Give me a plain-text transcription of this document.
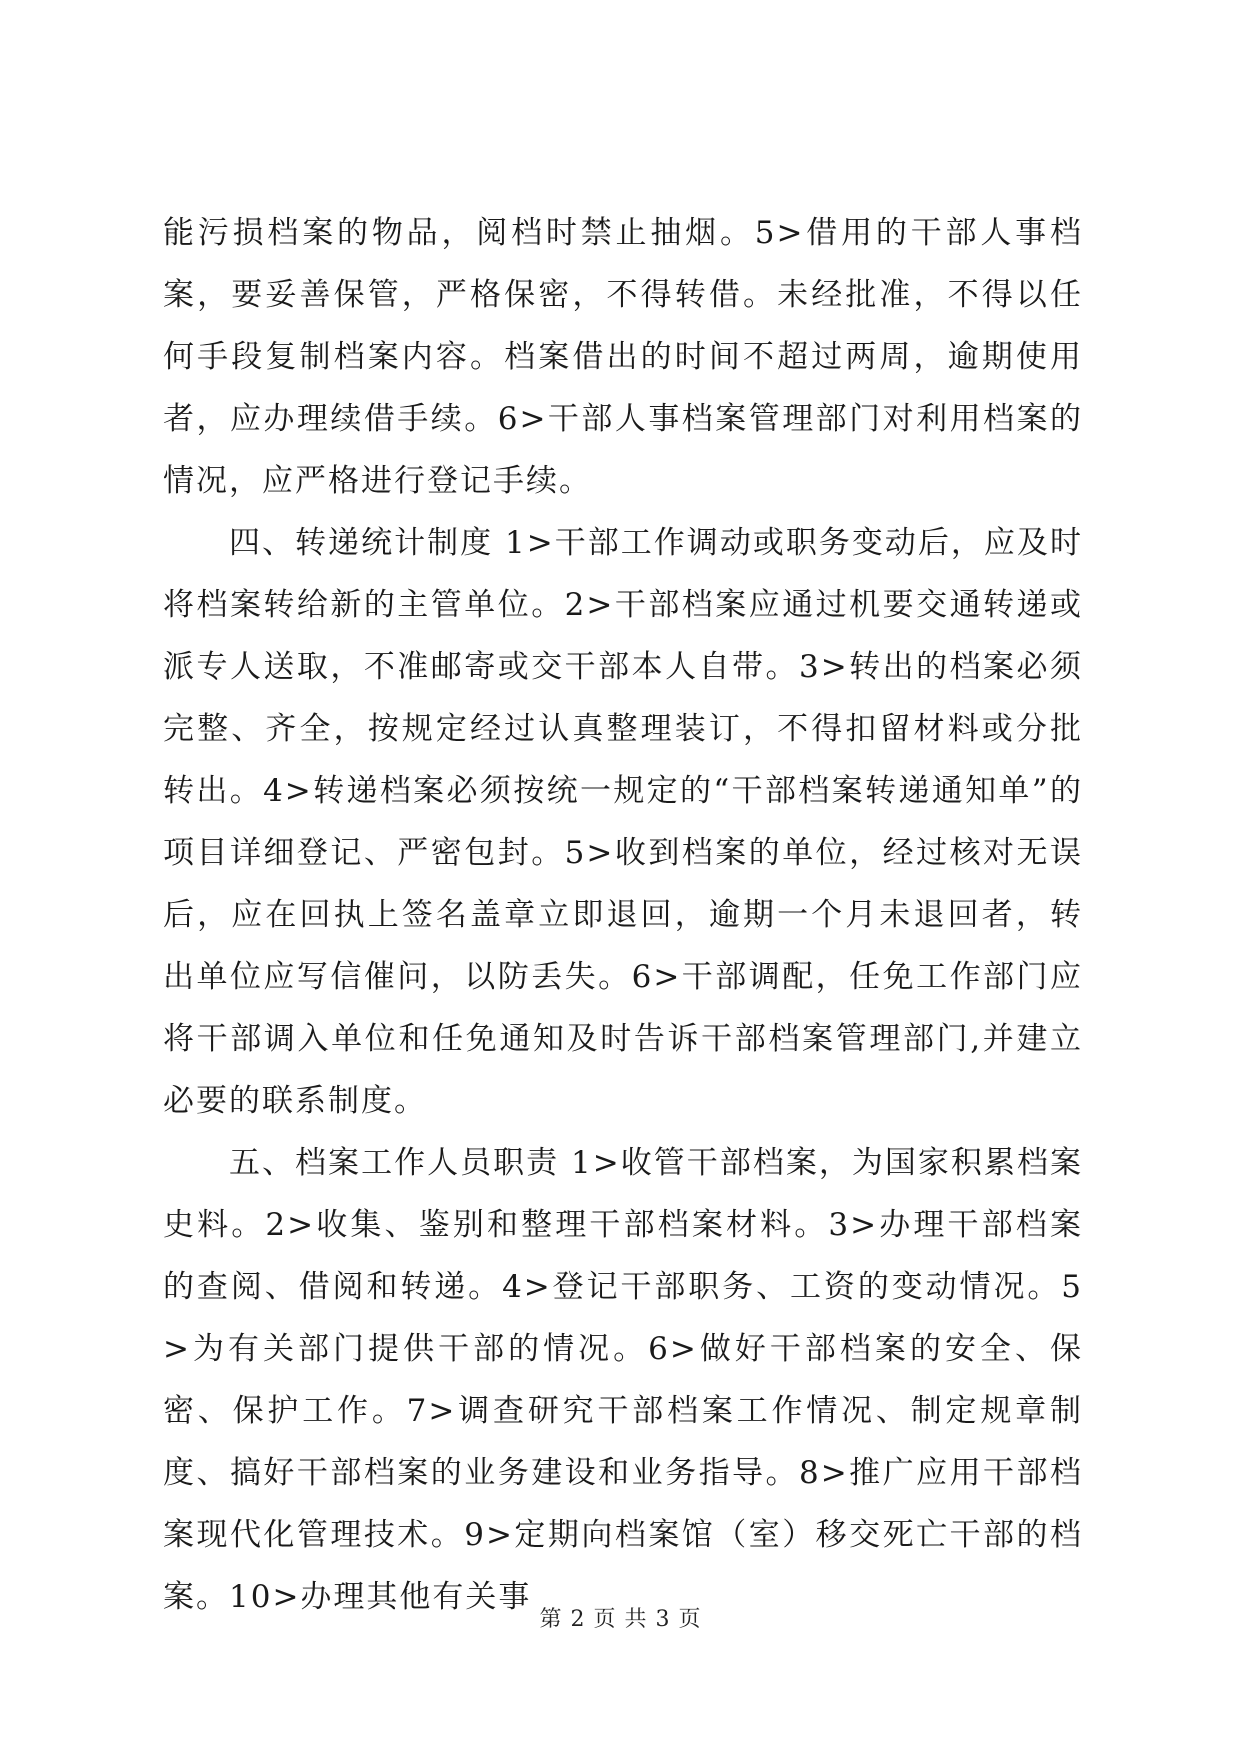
能污损档案的物品，阅档时禁止抽烟。5>借用的干部人事档案，要妥善保管，严格保密，不得转借。未经批准，不得以任何手段复制档案内容。档案借出的时间不超过两周，逾期使用者，应办理续借手续。6>干部人事档案管理部门对利用档案的情况，应严格进行登记手续。

四、转递统计制度 1>干部工作调动或职务变动后，应及时将档案转给新的主管单位。2>干部档案应通过机要交通转递或派专人送取，不准邮寄或交干部本人自带。3>转出的档案必须完整、齐全，按规定经过认真整理装订，不得扣留材料或分批转出。4>转递档案必须按统一规定的“干部档案转递通知单”的项目详细登记、严密包封。5>收到档案的单位，经过核对无误后，应在回执上签名盖章立即退回，逾期一个月未退回者，转出单位应写信催问，以防丢失。6>干部调配，任免工作部门应将干部调入单位和任免通知及时告诉干部档案管理部门,并建立必要的联系制度。

五、档案工作人员职责 1>收管干部档案，为国家积累档案史料。2>收集、鉴别和整理干部档案材料。3>办理干部档案的查阅、借阅和转递。4>登记干部职务、工资的变动情况。5>为有关部门提供干部的情况。6>做好干部档案的安全、保密、保护工作。7>调查研究干部档案工作情况、制定规章制度、搞好干部档案的业务建设和业务指导。8>推广应用干部档案现代化管理技术。9>定期向档案馆（室）移交死亡干部的档案。10>办理其他有关事

第 2 页 共 3 页
